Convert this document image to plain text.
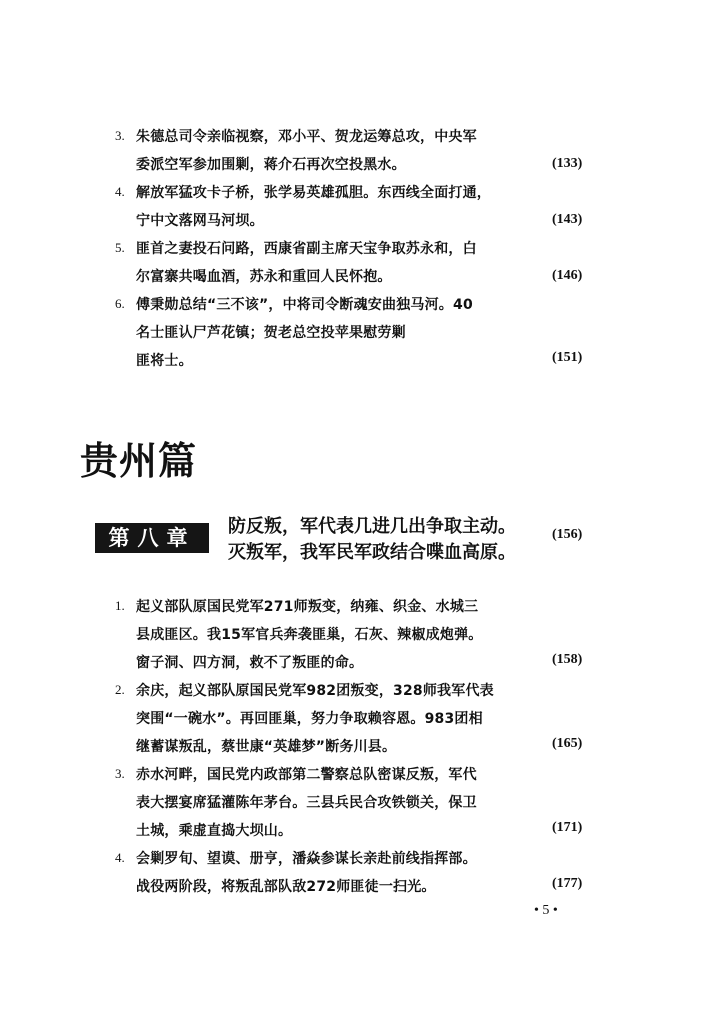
3. 朱德总司令亲临视察，邓小平、贺龙运筹总攻，中央军
委派空军参加围剿，蒋介石再次空投黑水。	(133)
4. 解放军猛攻卡子桥，张学易英雄孤胆。东西线全面打通，
宁中文落网马河坝。	(143)
5. 匪首之妻投石问路，西康省副主席天宝争取苏永和，白
尔富寨共喝血酒，苏永和重回人民怀抱。	(146)
6. 傅秉勋总结“三不该”，中将司令断魂安曲独马河。40
名士匪认尸芦花镇；贺老总空投苹果慰劳剿
匪将士。	(151)
贵州篇
第八章	防反叛，军代表几进几出争取主动。
灭叛军，我军民军政结合喋血高原。
(156)
1. 起义部队原国民党军271师叛变，纳雍、织金、水城三
县成匪区。我15军官兵奔袭匪巢，石灰、辣椒成炮弹。
窗子洞、四方洞，救不了叛匪的命。	(158)
2. 余庆，起义部队原国民党军982团叛变，328师我军代表
突围“一碗水”。再回匪巢，努力争取赖容恩。983团相
继蓄谋叛乱，蔡世康“英雄梦”断务川县。	(165)
3. 赤水河畔，国民党内政部第二警察总队密谋反叛，军代
表大摆宴席猛灌陈年茅台。三县兵民合攻铁锁关，保卫
土城，乘虚直捣大坝山。	(171)
4. 会剿罗旬、望谟、册亨，潘焱参谋长亲赴前线指挥部。
战役两阶段，将叛乱部队敌272师匪徒一扫光。	(177)
• 5 •
